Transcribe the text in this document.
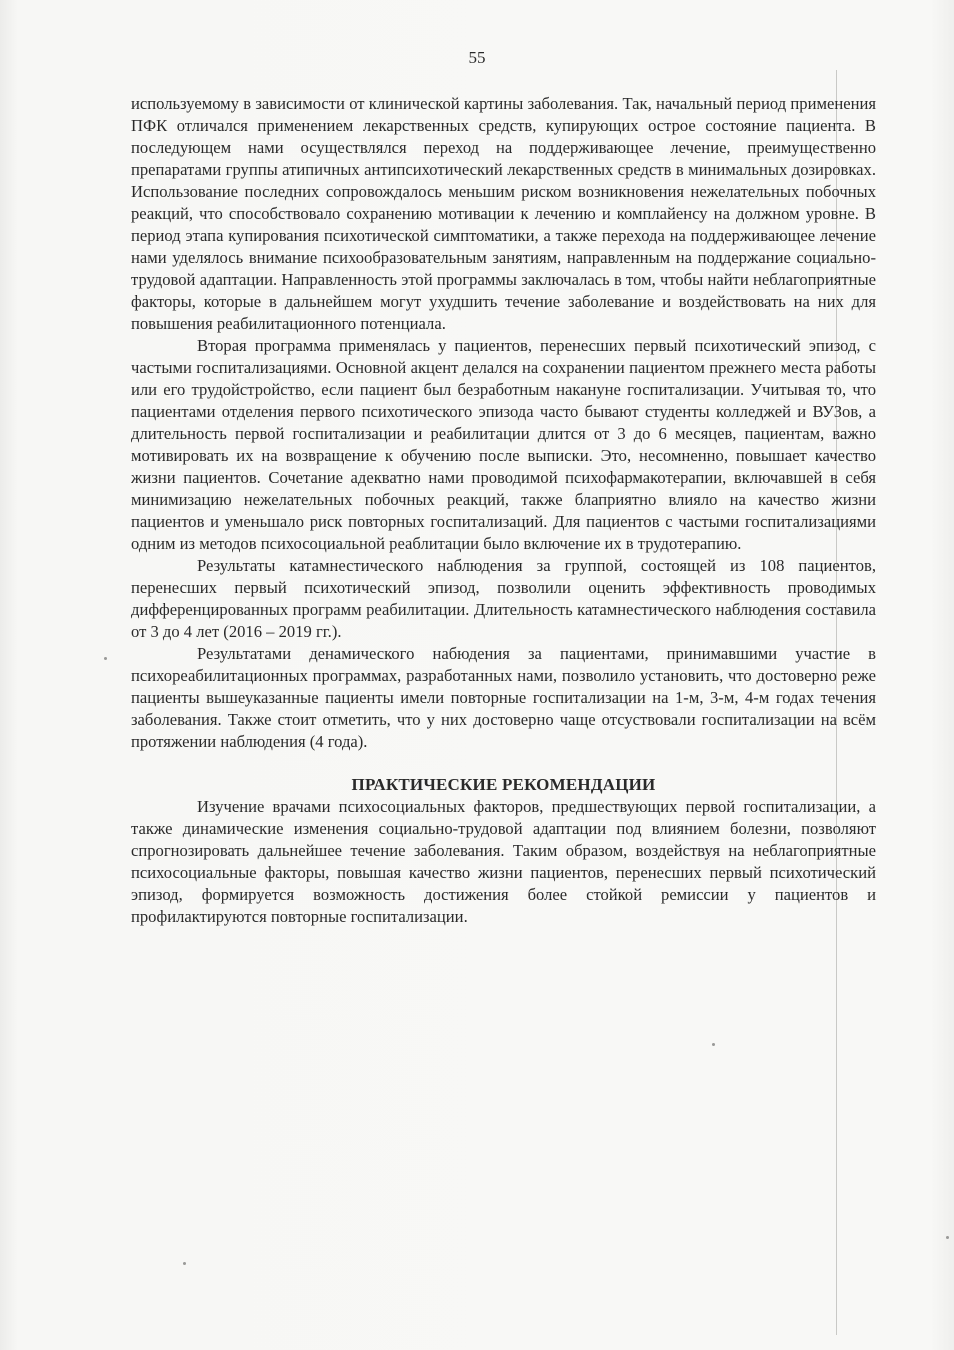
55

используемому в зависимости от клинической картины заболевания. Так, начальный период применения ПФК отличался применением лекарственных средств, купирующих острое состояние пациента. В последующем нами осуществлялся переход на поддерживающее лечение, преимущественно препаратами группы атипичных антипсихотический лекарственных средств в минимальных дозировках. Использование последних сопровождалось меньшим риском возникновения нежелательных побочных реакций, что способствовало сохранению мотивации к лечению и комплайенсу на должном уровне. В период этапа купирования психотической симптоматики, а также перехода на поддерживающее лечение нами уделялось внимание психообразовательным занятиям, направленным на поддержание социально-трудовой адаптации. Направленность этой программы заключалась в том, чтобы найти неблагоприятные факторы, которые в дальнейшем могут ухудшить течение заболевание и воздействовать на них для повышения реабилитационного потенциала.

Вторая программа применялась у пациентов, перенесших первый психотический эпизод, с частыми госпитализациями. Основной акцент делался на сохранении пациентом прежнего места работы или его трудойстройство, если пациент был безработным накануне госпитализации. Учитывая то, что пациентами отделения первого психотического эпизода часто бывают студенты колледжей и ВУЗов, а длительность первой госпитализации и реабилитации длится от 3 до 6 месяцев, пациентам, важно мотивировать их на возвращение к обучению после выписки. Это, несомненно, повышает качество жизни пациентов. Сочетание адекватно нами проводимой психофармакотерапии, включавшей в себя минимизацию нежелательных побочных реакций, также блаприятно влияло на качество жизни пациентов и уменьшало риск повторных госпитализаций. Для пациентов с частыми госпитализациями одним из методов психосоциальной реаблитации было включение их в трудотерапию.

Результаты катамнестического наблюдения за группой, состоящей из 108 пациентов, перенесших первый психотический эпизод, позволили оценить эффективность проводимых дифференцированных программ реабилитации. Длительность катамнестического наблюдения составила от 3 до 4 лет (2016 – 2019 гг.).

Результатами денамического набюдения за пациентами, принимавшими участие в психореабилитационных программах, разработанных нами, позволило установить, что достоверно реже пациенты вышеуказанные пациенты имели повторные госпитализации на 1-м, 3-м, 4-м годах течения заболевания. Также стоит отметить, что у них достоверно чаще отсуствовали госпитализации на всём протяжении наблюдения (4 года).

ПРАКТИЧЕСКИЕ РЕКОМЕНДАЦИИ

Изучение врачами психосоциальных факторов, предшествующих первой госпитализации, а также динамические изменения социально-трудовой адаптации под влиянием болезни, позволяют спрогнозировать дальнейшее течение заболевания. Таким образом, воздействуя на неблагоприятные психосоциальные факторы, повышая качество жизни пациентов, перенесших первый психотический эпизод, формируется возможность достижения более стойкой ремиссии у пациентов и профилактируются повторные госпитализации.
